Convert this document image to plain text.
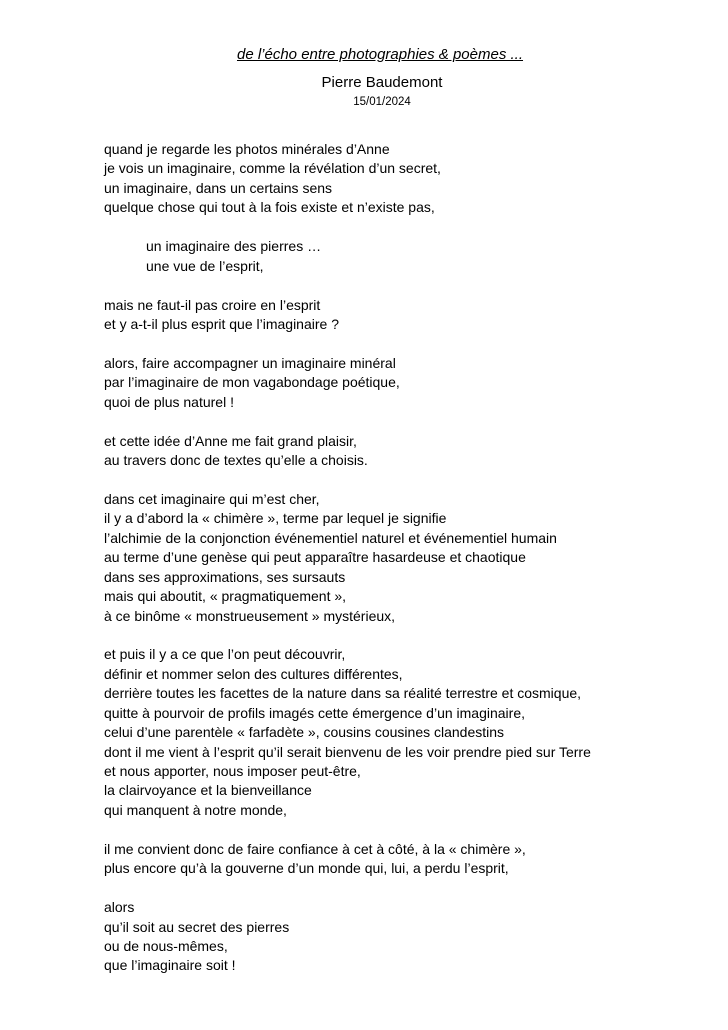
de l’écho entre photographies & poèmes ...
Pierre Baudemont
15/01/2024
quand je regarde les photos minérales d’Anne
je vois un imaginaire, comme la révélation d’un secret,
un imaginaire, dans un certains sens
quelque chose qui tout à la fois existe et n’existe pas,
un imaginaire des pierres …
une vue de l’esprit,
mais ne faut-il pas croire en l’esprit
et y a-t-il plus esprit que l’imaginaire ?
alors, faire accompagner un imaginaire minéral
par l’imaginaire de mon vagabondage poétique,
quoi de plus naturel !
et cette idée d’Anne me fait grand plaisir,
au travers donc de textes qu’elle a choisis.
dans cet imaginaire qui m’est cher,
il y a d’abord la « chimère », terme par lequel je signifie
l’alchimie de la conjonction événementiel naturel et événementiel humain
au terme d’une genèse qui peut apparaître hasardeuse et chaotique
dans ses approximations, ses sursauts
mais qui aboutit, « pragmatiquement »,
à ce binôme « monstrueusement » mystérieux,
et puis il y a ce que l’on peut découvrir,
définir et nommer selon des cultures différentes,
derrière toutes les facettes de la nature dans sa réalité terrestre et cosmique,
quitte à pourvoir de profils imagés cette émergence d’un imaginaire,
celui d’une parentèle « farfadète », cousins cousines clandestins
dont il me vient à l’esprit qu’il serait bienvenu de les voir prendre pied sur Terre
et nous apporter, nous imposer peut-être,
la clairvoyance et la bienveillance
qui manquent à notre monde,
il me convient donc de faire confiance à cet à côté, à la « chimère »,
plus encore qu’à la gouverne d’un monde qui, lui, a perdu l’esprit,
alors
qu’il soit au secret des pierres
ou de nous-mêmes,
que l’imaginaire soit !
